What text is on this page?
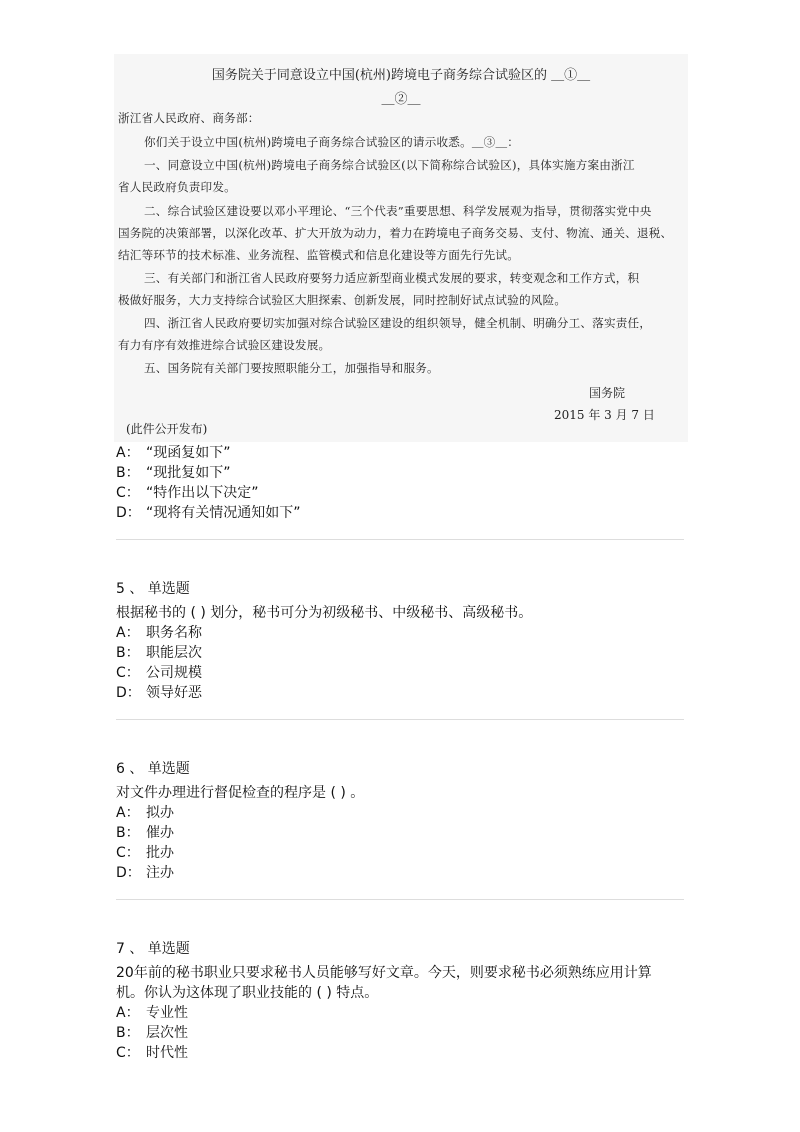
国务院关于同意设立中国(杭州)跨境电子商务综合试验区的 ＿①＿
＿②＿
浙江省人民政府、商务部：
你们关于设立中国(杭州)跨境电子商务综合试验区的请示收悉。＿③＿：
一、同意设立中国(杭州)跨境电子商务综合试验区(以下简称综合试验区)，具体实施方案由浙江
省人民政府负责印发。
二、综合试验区建设要以邓小平理论、“三个代表”重要思想、科学发展观为指导，贯彻落实党中央
国务院的决策部署，以深化改革、扩大开放为动力，着力在跨境电子商务交易、支付、物流、通关、退税、
结汇等环节的技术标准、业务流程、监管模式和信息化建设等方面先行先试。
三、有关部门和浙江省人民政府要努力适应新型商业模式发展的要求，转变观念和工作方式，积
极做好服务，大力支持综合试验区大胆探索、创新发展，同时控制好试点试验的风险。
四、浙江省人民政府要切实加强对综合试验区建设的组织领导，健全机制、明确分工、落实责任，
有力有序有效推进综合试验区建设发展。
五、国务院有关部门要按照职能分工，加强指导和服务。
国务院
2015 年 3 月 7 日
(此件公开发布)
A： “现函复如下”
B： “现批复如下”
C： “特作出以下决定”
D： “现将有关情况通知如下”
5 、 单选题
根据秘书的 ( ) 划分，秘书可分为初级秘书、中级秘书、高级秘书。
A： 职务名称
B： 职能层次
C： 公司规模
D： 领导好恶
6 、 单选题
对文件办理进行督促检查的程序是 ( ) 。
A： 拟办
B： 催办
C： 批办
D： 注办
7 、 单选题
20年前的秘书职业只要求秘书人员能够写好文章。今天，则要求秘书必须熟练应用计算
机。你认为这体现了职业技能的 ( ) 特点。
A： 专业性
B： 层次性
C： 时代性
